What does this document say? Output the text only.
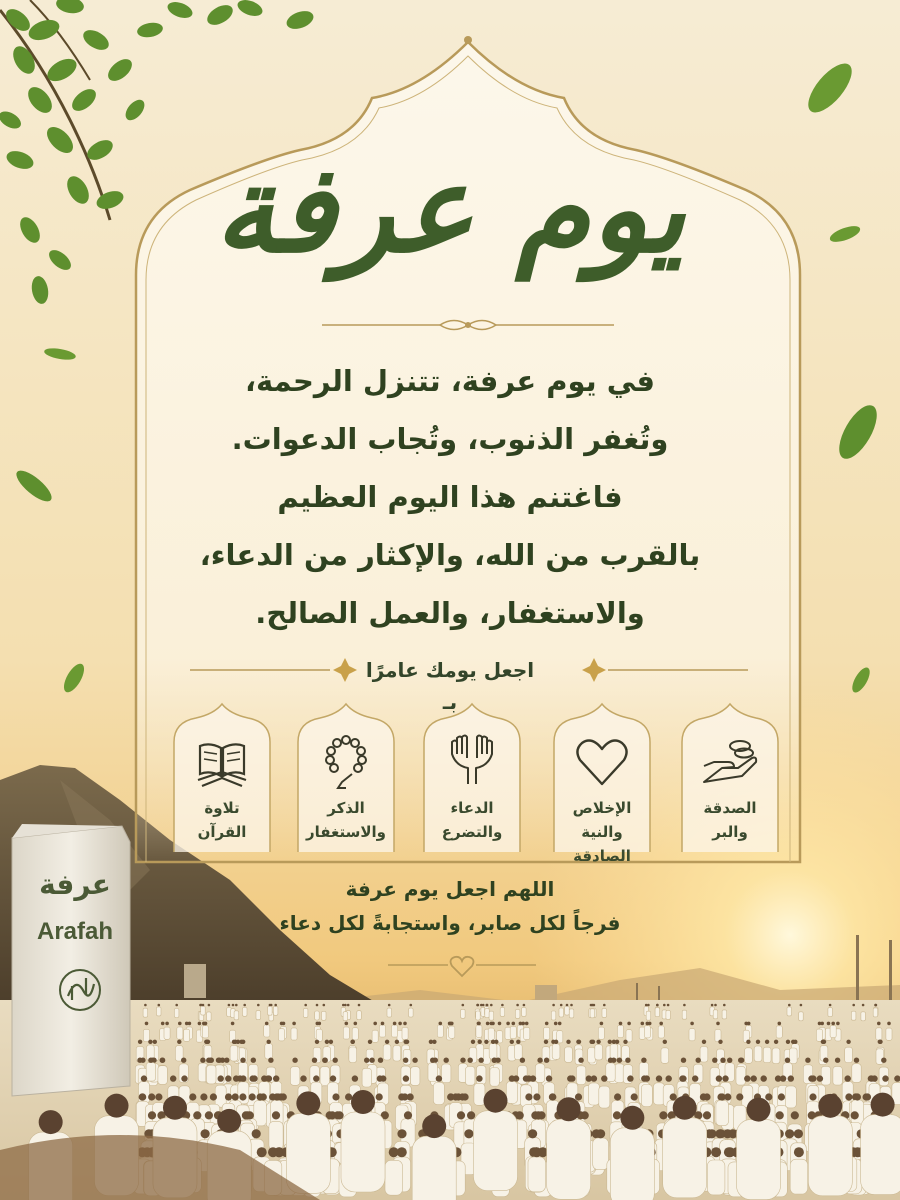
يوم عرفة
في يوم عرفة، تتنزل الرحمة،
وتُغفر الذنوب، وتُجاب الدعوات.
فاغتنم هذا اليوم العظيم
بالقرب من الله، والإكثار من الدعاء،
والاستغفار، والعمل الصالح.
اجعل يومك عامرًا بـ
تلاوة
القرآن
الذكر
والاستغفار
الدعاء
والتضرع
الإخلاص
والنية الصادقة
الصدقة
والبر
اللهم اجعل يوم عرفة
فرجاً لكل صابر، واستجابةً لكل دعاء
عرفة
Arafah
